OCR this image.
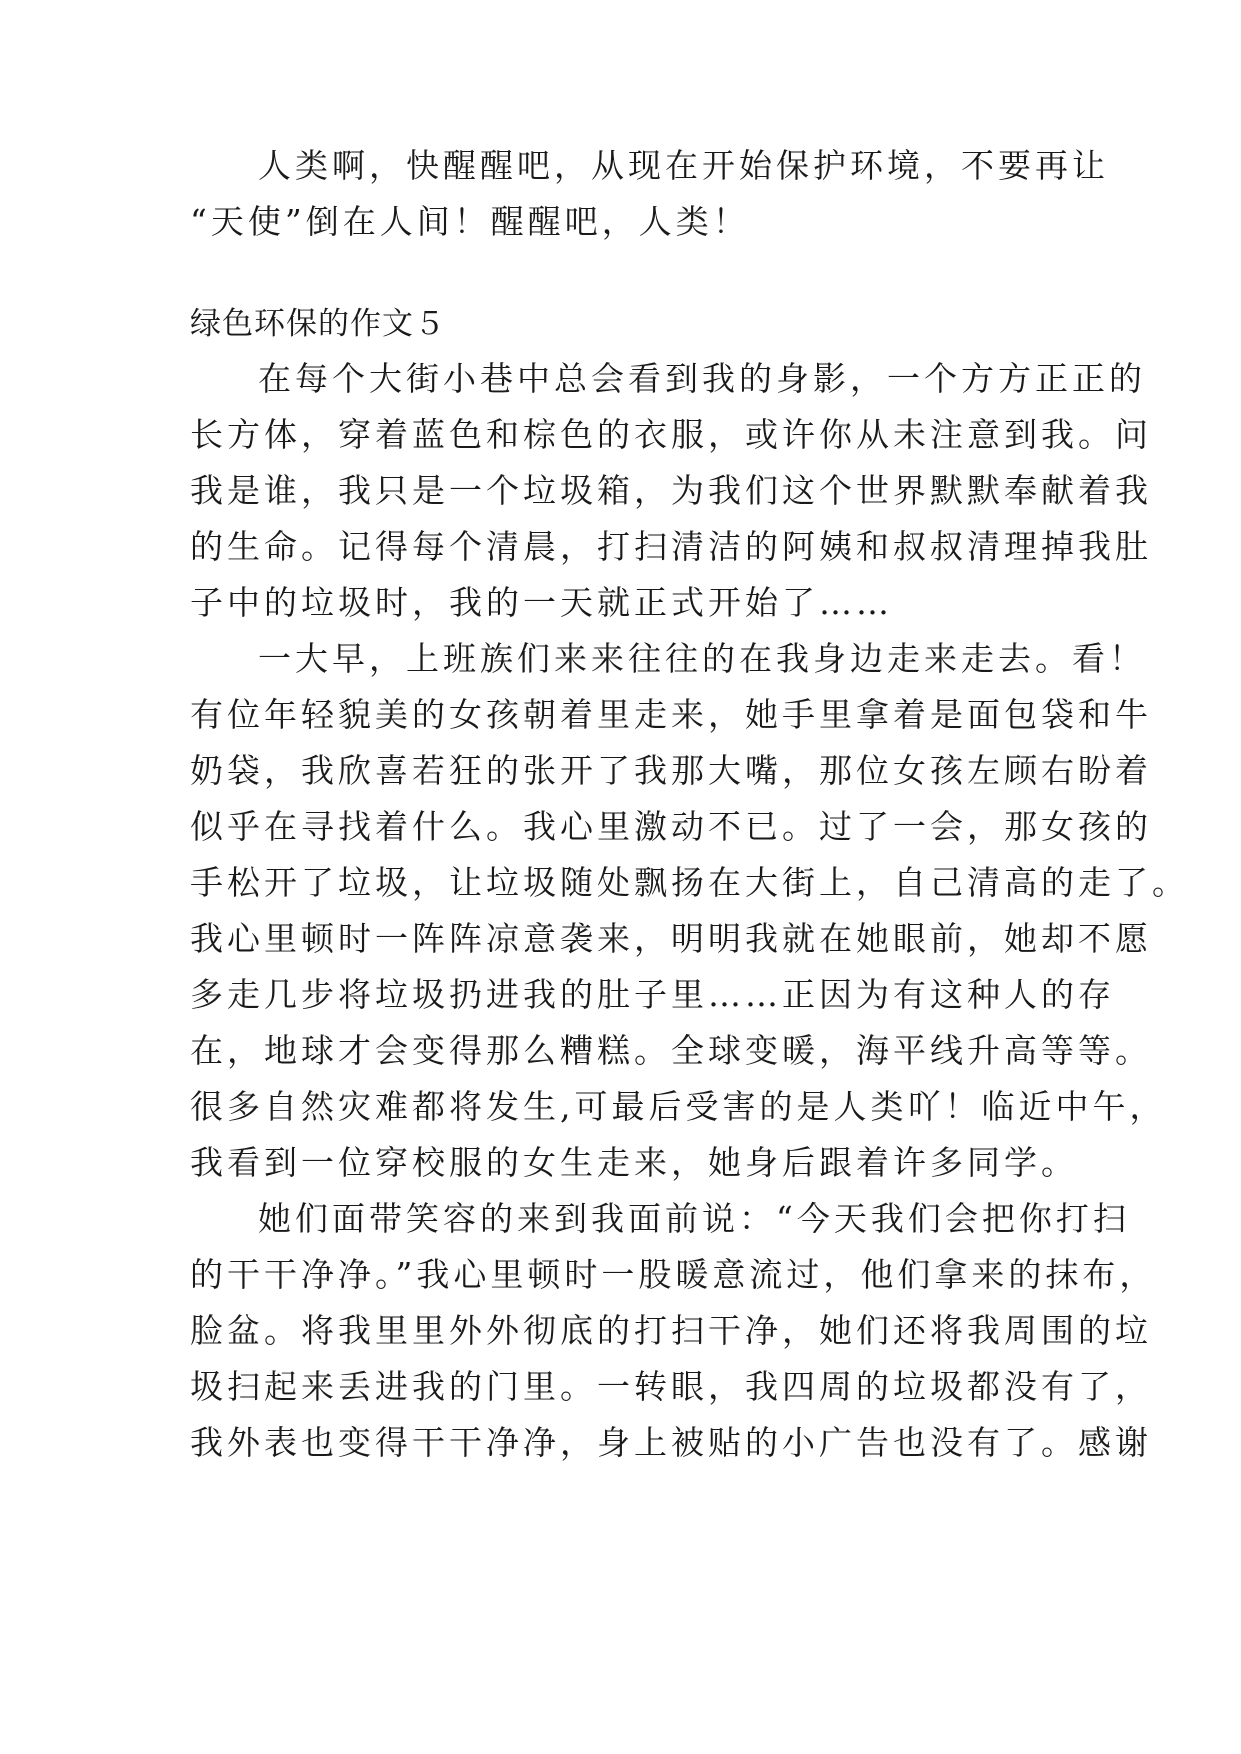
人类啊，快醒醒吧，从现在开始保护环境，不要再让
“天使”倒在人间！醒醒吧，人类！
绿色环保的作文５
在每个大街小巷中总会看到我的身影，一个方方正正的
长方体，穿着蓝色和棕色的衣服，或许你从未注意到我。问
我是谁，我只是一个垃圾箱，为我们这个世界默默奉献着我
的生命。记得每个清晨，打扫清洁的阿姨和叔叔清理掉我肚
子中的垃圾时，我的一天就正式开始了……
一大早，上班族们来来往往的在我身边走来走去。看！
有位年轻貌美的女孩朝着里走来，她手里拿着是面包袋和牛
奶袋，我欣喜若狂的张开了我那大嘴，那位女孩左顾右盼着
似乎在寻找着什么。我心里激动不已。过了一会，那女孩的
手松开了垃圾，让垃圾随处飘扬在大街上，自己清高的走了。
我心里顿时一阵阵凉意袭来，明明我就在她眼前，她却不愿
多走几步将垃圾扔进我的肚子里……正因为有这种人的存
在，地球才会变得那么糟糕。全球变暖，海平线升高等等。
很多自然灾难都将发生,可最后受害的是人类吖！临近中午，
我看到一位穿校服的女生走来，她身后跟着许多同学。
她们面带笑容的来到我面前说：“今天我们会把你打扫
的干干净净。”我心里顿时一股暖意流过，他们拿来的抹布，
脸盆。将我里里外外彻底的打扫干净，她们还将我周围的垃
圾扫起来丢进我的门里。一转眼，我四周的垃圾都没有了，
我外表也变得干干净净，身上被贴的小广告也没有了。感谢
